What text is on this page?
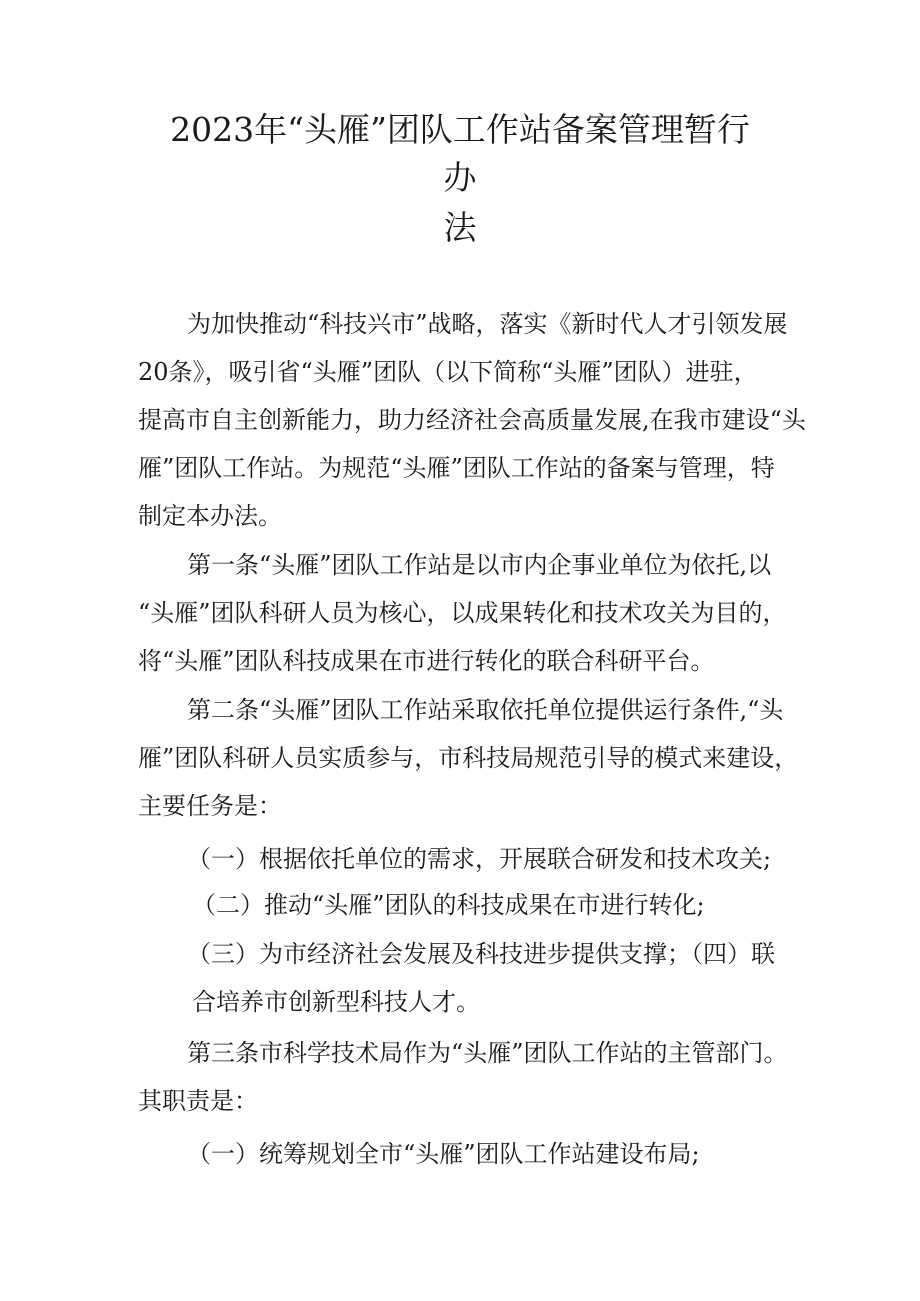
2023年“头雁”团队工作站备案管理暂行
办
法
为加快推动“科技兴市”战略，落实《新时代人才引领发展
20条》，吸引省“头雁”团队（以下简称“头雁”团队）进驻，
提高市自主创新能力，助力经济社会高质量发展,在我市建设“头
雁”团队工作站。为规范“头雁”团队工作站的备案与管理，特
制定本办法。
第一条“头雁”团队工作站是以市内企事业单位为依托,以
“头雁”团队科研人员为核心，以成果转化和技术攻关为目的，
将“头雁”团队科技成果在市进行转化的联合科研平台。
第二条“头雁”团队工作站采取依托单位提供运行条件,“头
雁”团队科研人员实质参与，市科技局规范引导的模式来建设，
主要任务是：
（一）根据依托单位的需求，开展联合研发和技术攻关;
（二）推动“头雁”团队的科技成果在市进行转化;
（三）为市经济社会发展及科技进步提供支撑；（四）联
合培养市创新型科技人才。
第三条市科学技术局作为“头雁”团队工作站的主管部门。
其职责是：
（一）统筹规划全市“头雁”团队工作站建设布局;
